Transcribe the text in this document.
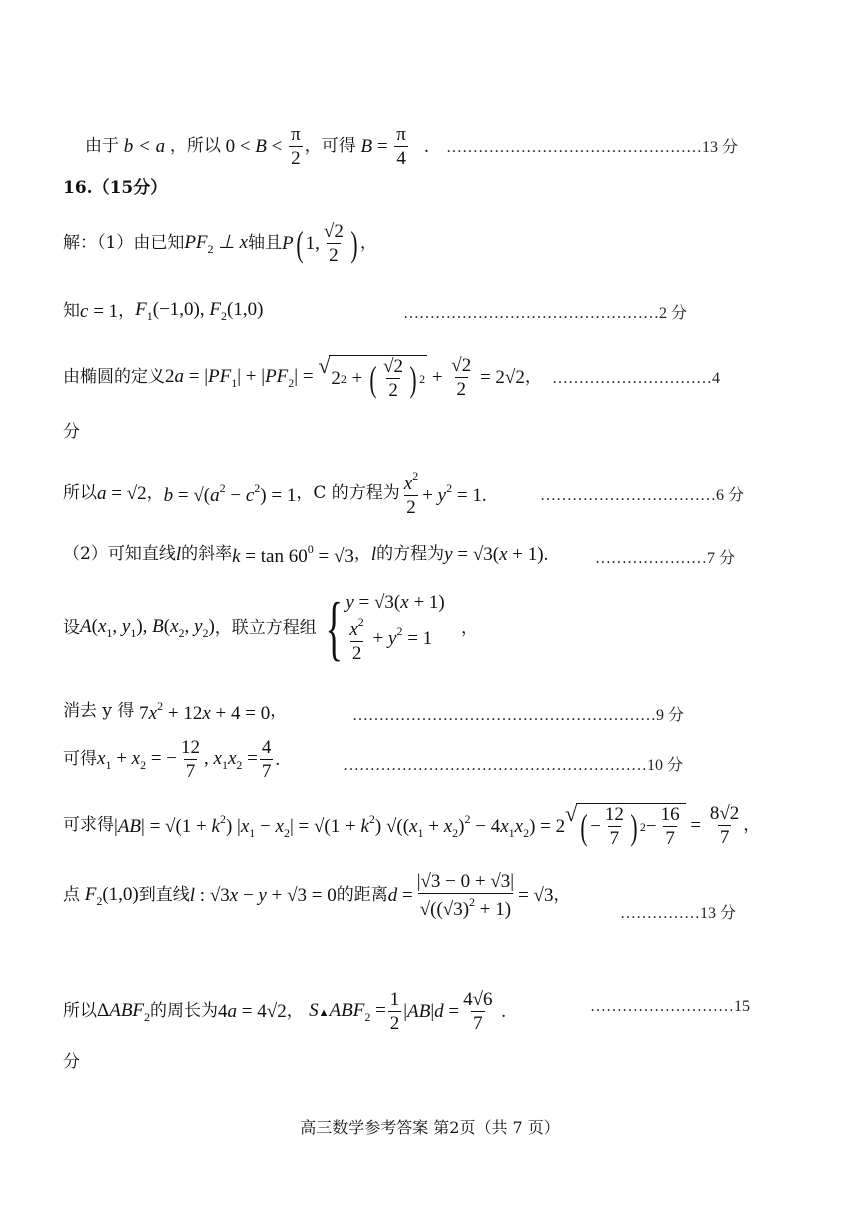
由于 b < a ，所以 $0 < B < \frac{\pi}{2}$ ，可得 $B = \frac{\pi}{4}$ . …………………………………………13 分
16.（15分）
解：（1）由已知 $PF_2$ ⊥ x 轴且 P ( 1, $\frac{√2}{2}$ ) ，
知 c = 1 ， $F_1(-1,0)$, $F_2(1,0)$	…………………………………………2 分
由椭圆的定义 $2a = |PF_1| + |PF_2|$ = √
2 2 + ( $\frac{√2}{2}$ ) $2 + \frac{√2}{2} = 2√2$ ， …………………………4
分
所以 a = √2 ， $b = √(a^2 - c^2) = 1$ ，C 的方程为 $\frac{x^2}{2} + y^2 = 1$.	……………………………6 分
（2）可知直线 l 的斜率 $k = \tan 60^0 = √3$ ， l 的方程为 y = √3(x + 1).	…………………7 分
设 $A(x_1$, $y_1$), $B(x_2$, $y_2$) ，联立方程组 { y = √3(x + 1)
$\frac{x^2}{2} + y^2 = 1$
，
消去 y 得 $7x^2 + 12x + 4 = 0$ ，	…………………………………………………9 分
可得 $x_1 + x_2$ = − $\frac{12}{7}$ , $x_1x_2 = \frac{4}{7}$ .	…………………………………………………10 分
可求得 $|AB| = √(1 + k^2)$ $|x_1 - x_2| = √(1 + k^2) √((x_1 + x_2)^2 - 4x_1x_2) = 2$ √ ( − $\frac{12}{7}$ ) $2 - \frac{16}{7} = \frac{8√2}{7}$ ，
点 $F_2(1,0)$ 到直线 l : √3x − y + √3 = 0 的距离 $d = \frac{|√3 - 0 + √3|}{√((√3)^2 + 1)} = √3$ ，
……………13 分
所以 $\Delta ABF_2$ 的周长为 4a = 4√2 ， $S▲ABF_2 = \frac{1}{2} |AB|d = \frac{4√6}{7}$ .	………………………15
分
高三数学参考答案 第2页（共 7 页）
